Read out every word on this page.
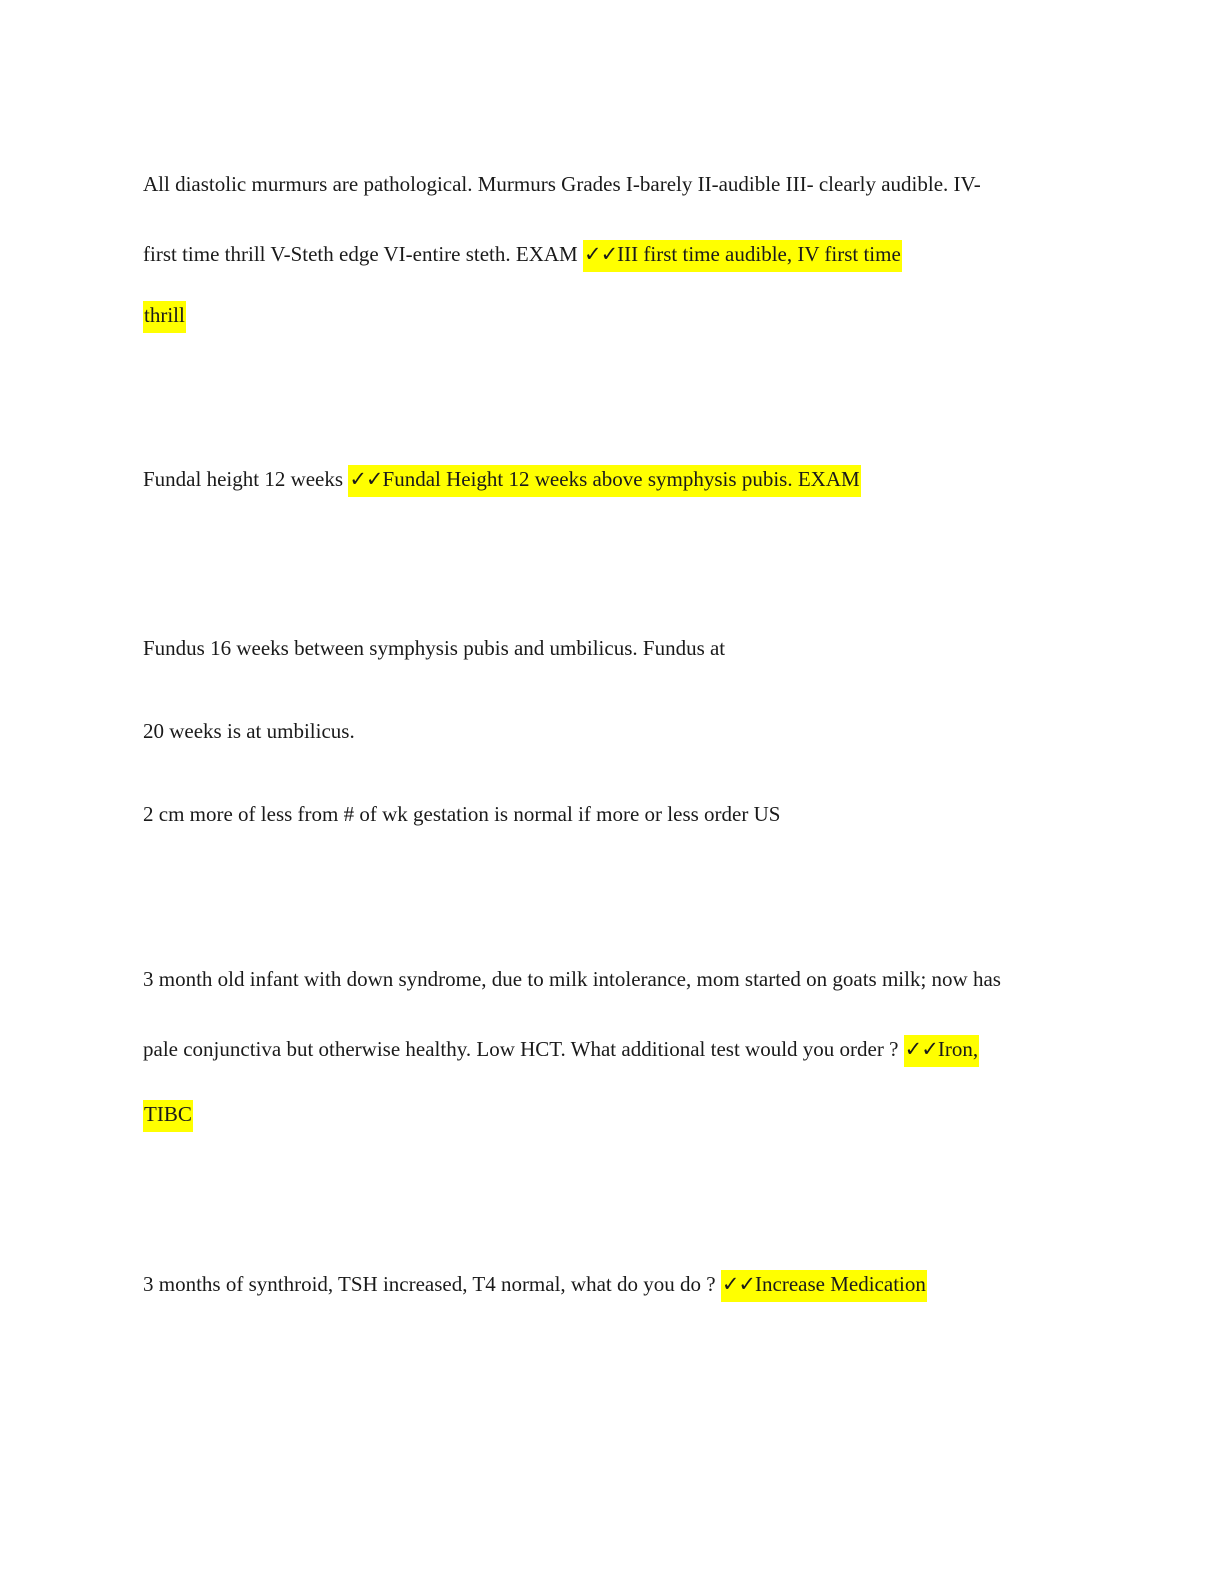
All diastolic murmurs are pathological. Murmurs Grades I-barely II-audible III- clearly audible. IV-
first time thrill V-Steth edge VI-entire steth. EXAM ✓✓III first time audible, IV first time
thrill
Fundal height 12 weeks ✓✓Fundal Height 12 weeks above symphysis pubis. EXAM
Fundus 16 weeks between symphysis pubis and umbilicus. Fundus at
20 weeks is at umbilicus.
2 cm more of less from # of wk gestation is normal if more or less order US
3 month old infant with down syndrome, due to milk intolerance, mom started on goats milk; now has
pale conjunctiva but otherwise healthy. Low HCT. What additional test would you order ? ✓✓Iron,
TIBC
3 months of synthroid, TSH increased, T4 normal, what do you do ? ✓✓Increase Medication
